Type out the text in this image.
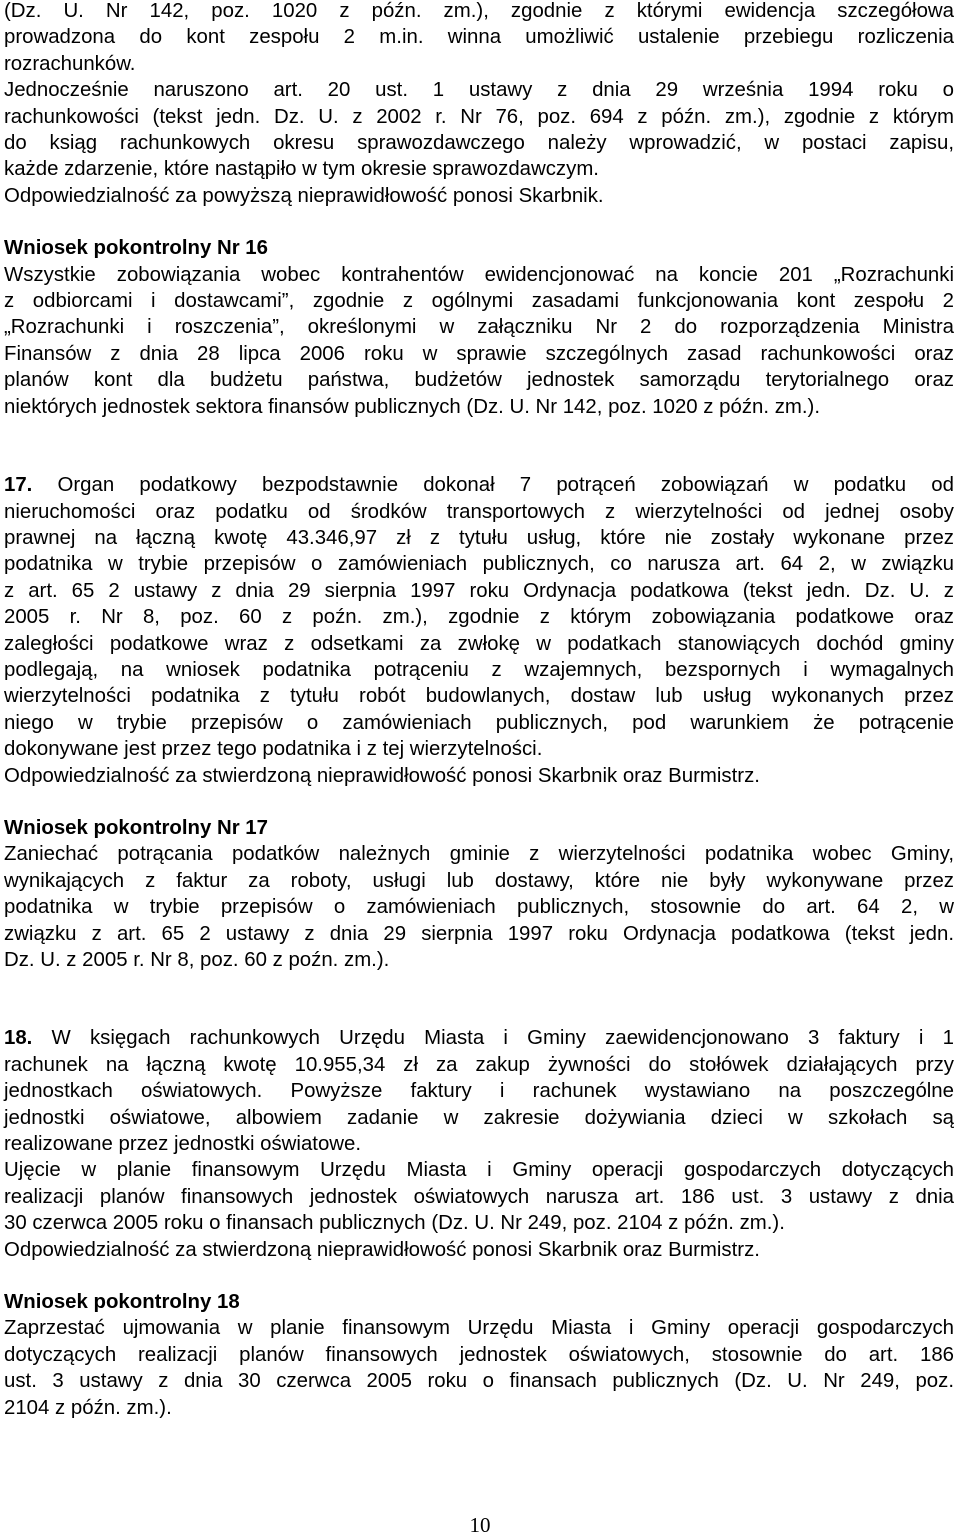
(Dz. U. Nr 142, poz. 1020 z późn. zm.), zgodnie z którymi ewidencja szczegółowa
prowadzona do kont zespołu 2 m.in. winna umożliwić ustalenie przebiegu rozliczenia
rozrachunków.
Jednocześnie naruszono art. 20 ust. 1 ustawy z dnia 29 września 1994 roku o
rachunkowości (tekst jedn. Dz. U. z 2002 r. Nr 76, poz. 694 z późn. zm.), zgodnie z którym
do ksiąg rachunkowych okresu sprawozdawczego należy wprowadzić, w postaci zapisu,
każde zdarzenie, które nastąpiło w tym okresie sprawozdawczym.
Odpowiedzialność za powyższą nieprawidłowość ponosi Skarbnik.
Wniosek pokontrolny Nr 16
Wszystkie zobowiązania wobec kontrahentów ewidencjonować na koncie 201 „Rozrachunki
z odbiorcami i dostawcami”, zgodnie z ogólnymi zasadami funkcjonowania kont zespołu 2
„Rozrachunki i roszczenia”, określonymi w załączniku Nr 2 do rozporządzenia Ministra
Finansów z dnia 28 lipca 2006 roku w sprawie szczególnych zasad rachunkowości oraz
planów kont dla budżetu państwa, budżetów jednostek samorządu terytorialnego oraz
niektórych jednostek sektora finansów publicznych (Dz. U. Nr 142, poz. 1020 z późn. zm.).
17. Organ podatkowy bezpodstawnie dokonał 7 potrąceń zobowiązań w podatku od
nieruchomości oraz podatku od środków transportowych z wierzytelności od jednej osoby
prawnej na łączną kwotę 43.346,97 zł z tytułu usług, które nie zostały wykonane przez
podatnika w trybie przepisów o zamówieniach publicznych, co narusza art. 64 2, w związku
z art. 65 2 ustawy z dnia 29 sierpnia 1997 roku Ordynacja podatkowa (tekst jedn. Dz. U. z
2005 r. Nr 8, poz. 60 z poźn. zm.), zgodnie z którym zobowiązania podatkowe oraz
zaległości podatkowe wraz z odsetkami za zwłokę w podatkach stanowiących dochód gminy
podlegają, na wniosek podatnika potrąceniu z wzajemnych, bezspornych i wymagalnych
wierzytelności podatnika z tytułu robót budowlanych, dostaw lub usług wykonanych przez
niego w trybie przepisów o zamówieniach publicznych, pod warunkiem że potrącenie
dokonywane jest przez tego podatnika i z tej wierzytelności.
Odpowiedzialność za stwierdzoną nieprawidłowość ponosi Skarbnik oraz Burmistrz.
Wniosek pokontrolny Nr 17
Zaniechać potrącania podatków należnych gminie z wierzytelności podatnika wobec Gminy,
wynikających z faktur za roboty, usługi lub dostawy, które nie były wykonywane przez
podatnika w trybie przepisów o zamówieniach publicznych, stosownie do art. 64 2, w
związku z art. 65 2 ustawy z dnia 29 sierpnia 1997 roku Ordynacja podatkowa (tekst jedn.
Dz. U. z 2005 r. Nr 8, poz. 60 z poźn. zm.).
18. W księgach rachunkowych Urzędu Miasta i Gminy zaewidencjonowano 3 faktury i 1
rachunek na łączną kwotę 10.955,34 zł za zakup żywności do stołówek działających przy
jednostkach oświatowych. Powyższe faktury i rachunek wystawiano na poszczególne
jednostki oświatowe, albowiem zadanie w zakresie dożywiania dzieci w szkołach są
realizowane przez jednostki oświatowe.
Ujęcie w planie finansowym Urzędu Miasta i Gminy operacji gospodarczych dotyczących
realizacji planów finansowych jednostek oświatowych narusza art. 186 ust. 3 ustawy z dnia
30 czerwca 2005 roku o finansach publicznych (Dz. U. Nr 249, poz. 2104 z późn. zm.).
Odpowiedzialność za stwierdzoną nieprawidłowość ponosi Skarbnik oraz Burmistrz.
Wniosek pokontrolny 18
Zaprzestać ujmowania w planie finansowym Urzędu Miasta i Gminy operacji gospodarczych
dotyczących realizacji planów finansowych jednostek oświatowych, stosownie do art. 186
ust. 3 ustawy z dnia 30 czerwca 2005 roku o finansach publicznych (Dz. U. Nr 249, poz.
2104 z późn. zm.).
10
